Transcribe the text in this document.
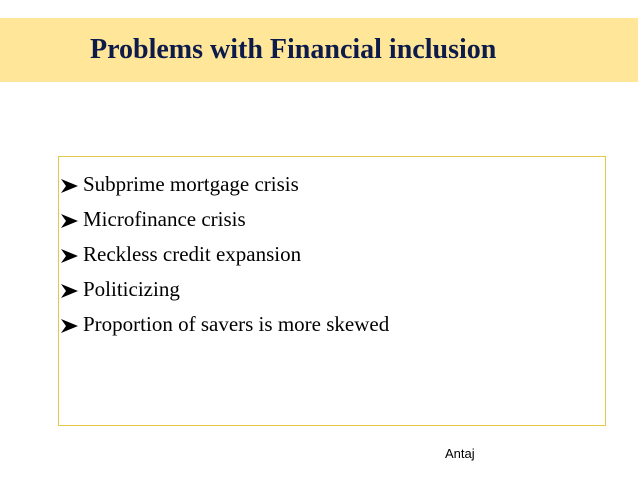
Problems with Financial inclusion
Subprime mortgage crisis
Microfinance crisis
Reckless credit expansion
Politicizing
Proportion of savers is more skewed
Antaj
